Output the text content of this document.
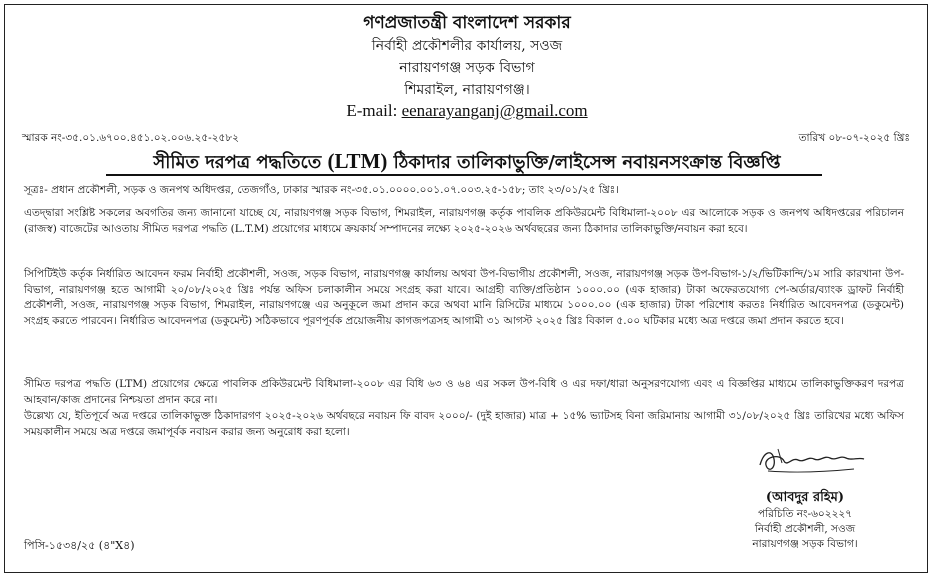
গণপ্রজাতন্ত্রী বাংলাদেশ সরকার
নির্বাহী প্রকৌশলীর কার্যালয়, সওজ
নারায়ণগঞ্জ সড়ক বিভাগ
শিমরাইল, নারায়ণগঞ্জ।
E-mail: eenarayanganj@gmail.com
স্মারক নং-৩৫.০১.৬৭০০.৪৫১.০২.০০৬.২৫-২৫৮২	তারিখ ০৮-০৭-২০২৫ খ্রিঃ
সীমিত দরপত্র পদ্ধতিতে (LTM) ঠিকাদার তালিকাভুক্তি/লাইসেন্স নবায়নসংক্রান্ত বিজ্ঞপ্তি
সূত্রঃ- প্রধান প্রকৌশলী, সড়ক ও জনপথ অধিদপ্তর, তেজগাঁও, ঢাকার স্মারক নং-৩৫.০১.০০০০.০০১.০৭.০০৩.২৫-১৫৮; তাং ২৩/০১/২৫ খ্রিঃ।
এতদ্দ্বারা সংশ্লিষ্ট সকলের অবগতির জন্য জানানো যাচ্ছে যে, নারায়ণগঞ্জ সড়ক বিভাগ, শিমরাইল, নারায়ণগঞ্জ কর্তৃক পাবলিক প্রকিউরমেন্ট বিধিমালা-২০০৮ এর আলোকে সড়ক ও জনপথ অধিদপ্তরের পরিচালন (রাজস্ব) বাজেটের আওতায় সীমিত দরপত্র পদ্ধতি (L.T.M) প্রয়োগের মাধ্যমে ক্রয়কার্য সম্পাদনের লক্ষ্যে ২০২৫-২০২৬ অর্থবছরের জন্য ঠিকাদার তালিকাভুক্তি/নবায়ন করা হবে।
সিপিটিইউ কর্তৃক নির্ধারিত আবেদন ফরম নির্বাহী প্রকৌশলী, সওজ, সড়ক বিভাগ, নারায়ণগঞ্জ কার্যালয় অথবা উপ-বিভাগীয় প্রকৌশলী, সওজ, নারায়ণগঞ্জ সড়ক উপ-বিভাগ-১/২/ভিটিকান্দি/১ম সারি কারখানা উপ-বিভাগ, নারায়ণগঞ্জ হতে আগামী ২০/০৮/২০২৫ খ্রিঃ পর্যন্ত অফিস চলাকালীন সময়ে সংগ্রহ করা যাবে। আগ্রহী ব্যক্তি/প্রতিষ্ঠান ১০০০.০০ (এক হাজার) টাকা অফেরতযোগ্য পে-অর্ডার/ব্যাংক ড্রাফট নির্বাহী প্রকৌশলী, সওজ, নারায়ণগঞ্জ সড়ক বিভাগ, শিমরাইল, নারায়ণগঞ্জে এর অনুকূলে জমা প্রদান করে অথবা মানি রিসিটের মাধ্যমে ১০০০.০০ (এক হাজার) টাকা পরিশোধ করতঃ নির্ধারিত আবেদনপত্র (ডকুমেন্ট) সংগ্রহ করতে পারবেন। নির্ধারিত আবেদনপত্র (ডকুমেন্ট) সঠিকভাবে পূরণপূর্বক প্রয়োজনীয় কাগজপত্রসহ আগামী ৩১ আগস্ট ২০২৫ খ্রিঃ বিকাল ৫.০০ ঘটিকার মধ্যে অত্র দপ্তরে জমা প্রদান করতে হবে।
সীমিত দরপত্র পদ্ধতি (LTM) প্রয়োগের ক্ষেত্রে পাবলিক প্রকিউরমেন্ট বিধিমালা-২০০৮ এর বিধি ৬৩ ও ৬৪ এর সকল উপ-বিধি ও এর দফা/ধারা অনুসরণযোগ্য এবং এ বিজ্ঞপ্তির মাধ্যমে তালিকাভুক্তিকরণ দরপত্র আহবান/কাজ প্রদানের নিশ্চয়তা প্রদান করে না।
উল্লেখ্য যে, ইতিপূর্বে অত্র দপ্তরে তালিকাভুক্ত ঠিকাদারগণ ২০২৫-২০২৬ অর্থবছরে নবায়ন ফি বাবদ ২০০০/- (দুই হাজার) মাত্র + ১৫% ভ্যাটসহ বিনা জরিমানায় আগামী ৩১/০৮/২০২৫ খ্রিঃ তারিখের মধ্যে অফিস সময়কালীন সময়ে অত্র দপ্তরে জমাপূর্বক নবায়ন করার জন্য অনুরোধ করা হলো।
(আবদুর রহিম)
পরিচিতি নং-৬০২২২৭
নির্বাহী প্রকৌশলী, সওজ
নারায়ণগঞ্জ সড়ক বিভাগ।
পিসি-১৫৩৪/২৫ (৪"X৪)
